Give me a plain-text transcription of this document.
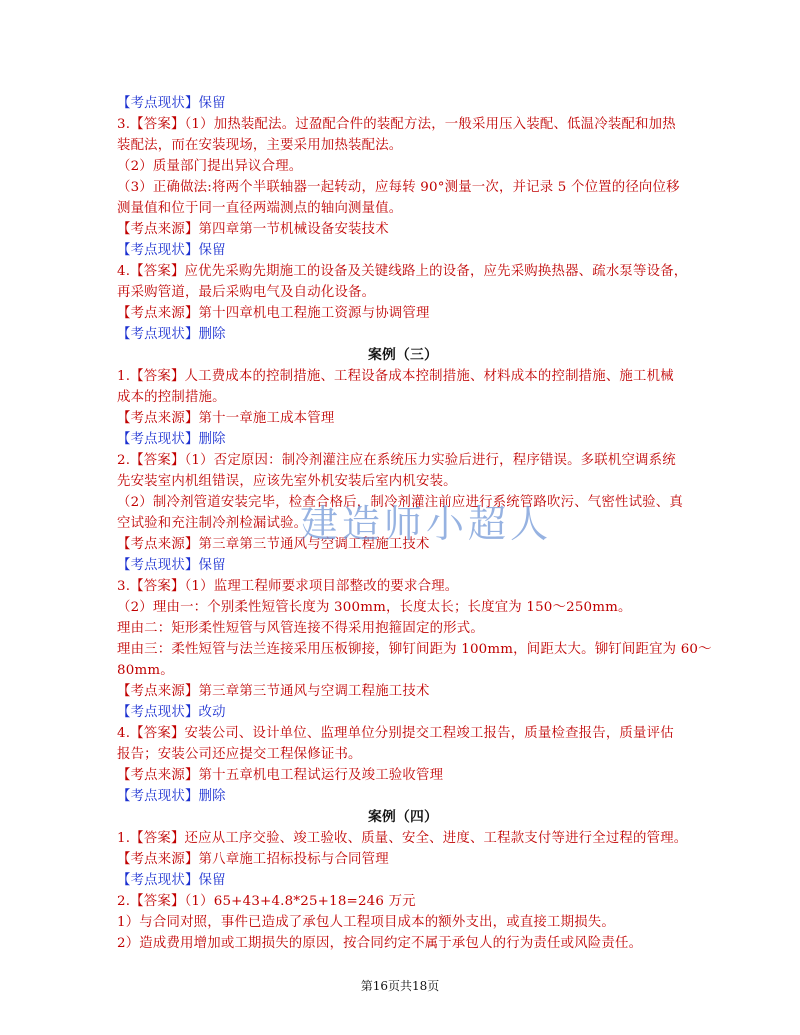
【考点现状】保留
3.【答案】（1）加热装配法。过盈配合件的装配方法，一般采用压入装配、低温冷装配和加热
装配法，而在安装现场，主要采用加热装配法。
（2）质量部门提出异议合理。
（3）正确做法:将两个半联轴器一起转动，应每转 90°测量一次，并记录 5 个位置的径向位移
测量值和位于同一直径两端测点的轴向测量值。
【考点来源】第四章第一节机械设备安装技术
【考点现状】保留
4.【答案】应优先采购先期施工的设备及关键线路上的设备，应先采购换热器、疏水泵等设备，
再采购管道，最后采购电气及自动化设备。
【考点来源】第十四章机电工程施工资源与协调管理
【考点现状】删除
案例（三）
1.【答案】人工费成本的控制措施、工程设备成本控制措施、材料成本的控制措施、施工机械
成本的控制措施。
【考点来源】第十一章施工成本管理
【考点现状】删除
2.【答案】（1）否定原因：制冷剂灌注应在系统压力实验后进行，程序错误。多联机空调系统
先安装室内机组错误，应该先室外机安装后室内机安装。
（2）制冷剂管道安装完毕，检查合格后，制冷剂灌注前应进行系统管路吹污、气密性试验、真
空试验和充注制冷剂检漏试验。
【考点来源】第三章第三节通风与空调工程施工技术
【考点现状】保留
3.【答案】（1）监理工程师要求项目部整改的要求合理。
（2）理由一：个别柔性短管长度为 300mm，长度太长；长度宜为 150～250mm。
理由二：矩形柔性短管与风管连接不得采用抱箍固定的形式。
理由三：柔性短管与法兰连接采用压板铆接，铆钉间距为 100mm，间距太大。铆钉间距宜为 60～
80mm。
【考点来源】第三章第三节通风与空调工程施工技术
【考点现状】改动
4.【答案】安装公司、设计单位、监理单位分别提交工程竣工报告，质量检查报告，质量评估
报告；安装公司还应提交工程保修证书。
【考点来源】第十五章机电工程试运行及竣工验收管理
【考点现状】删除
案例（四）
1.【答案】还应从工序交验、竣工验收、质量、安全、进度、工程款支付等进行全过程的管理。
【考点来源】第八章施工招标投标与合同管理
【考点现状】保留
2.【答案】（1）65+43+4.8*25+18=246 万元
1）与合同对照，事件已造成了承包人工程项目成本的额外支出，或直接工期损失。
2）造成费用增加或工期损失的原因，按合同约定不属于承包人的行为责任或风险责任。
建造师小超人
第16页共18页
